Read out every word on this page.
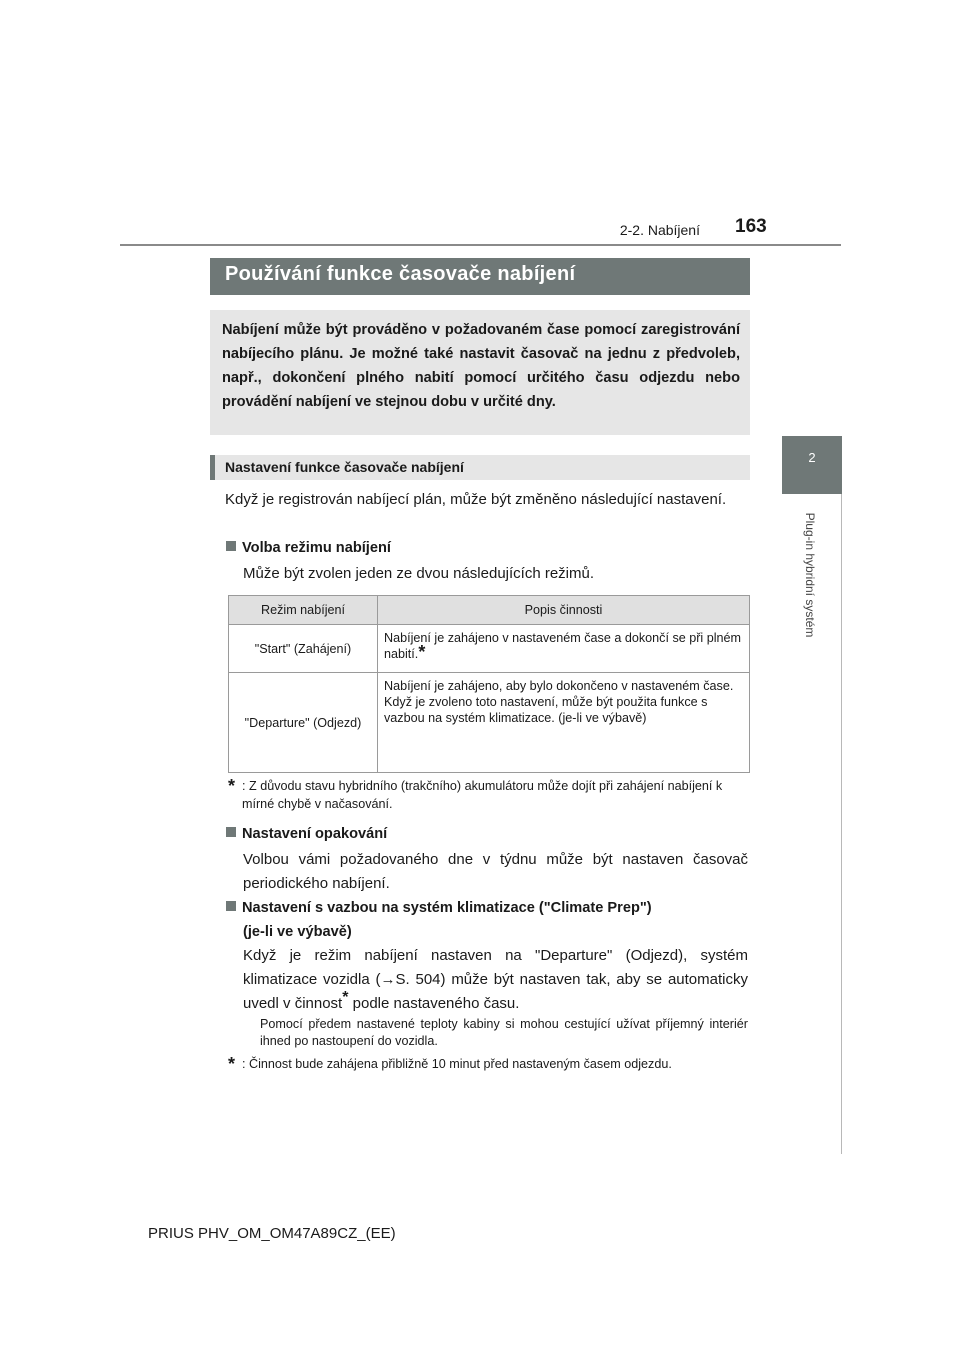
2-2. Nabíjení 163
2
Plug-in hybridní systém
Používání funkce časovače nabíjení
Nabíjení může být prováděno v požadovaném čase pomocí zaregistrování nabíjecího plánu. Je možné také nastavit časovač na jednu z předvoleb, např., dokončení plného nabití pomocí určitého času odjezdu nebo provádění nabíjení ve stejnou dobu v určité dny.
Nastavení funkce časovače nabíjení
Když je registrován nabíjecí plán, může být změněno následující nastavení.
Volba režimu nabíjení
Může být zvolen jeden ze dvou následujících režimů.
Režim nabíjení	Popis činnosti
"Start" (Zahájení)	Nabíjení je zahájeno v nastaveném čase a dokončí se při plném nabití.*
"Departure" (Odjezd)	Nabíjení je zahájeno, aby bylo dokončeno v nastaveném čase.
Když je zvoleno toto nastavení, může být použita funkce s vazbou na systém klimatizace. (je-li ve výbavě)
* : Z důvodu stavu hybridního (trakčního) akumulátoru může dojít při zahájení nabíjení k mírné chybě v načasování.
Nastavení opakování
Volbou vámi požadovaného dne v týdnu může být nastaven časovač periodického nabíjení.
Nastavení s vazbou na systém klimatizace ("Climate Prep")
(je-li ve výbavě)
Když je režim nabíjení nastaven na "Departure" (Odjezd), systém klimatizace vozidla (→S. 504) může být nastaven tak, aby se automaticky uvedl v činnost* podle nastaveného času.
Pomocí předem nastavené teploty kabiny si mohou cestující užívat příjemný interiér ihned po nastoupení do vozidla.
* : Činnost bude zahájena přibližně 10 minut před nastaveným časem odjezdu.
PRIUS PHV_OM_OM47A89CZ_(EE)
